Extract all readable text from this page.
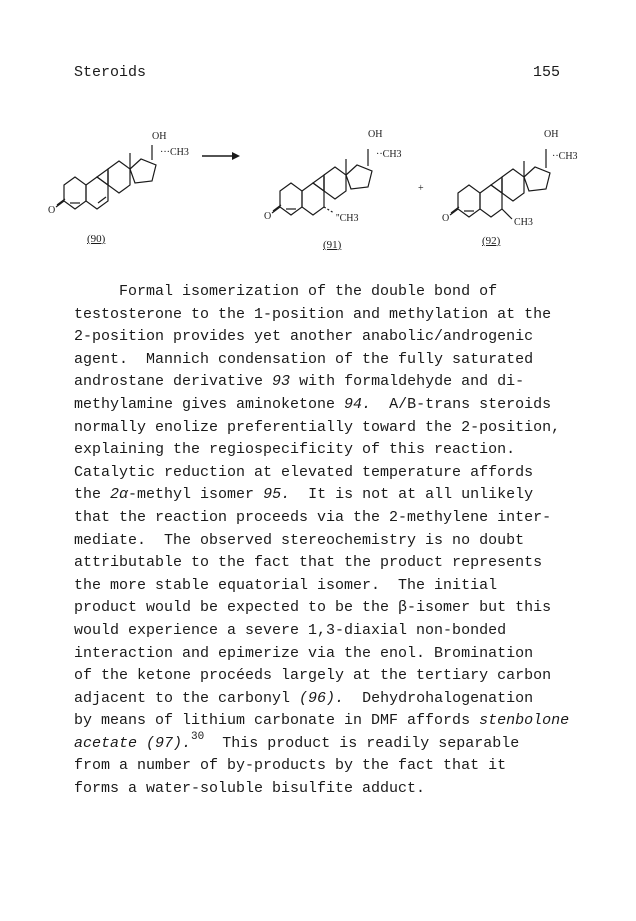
Steroids	155
OH
···CH3
O
OH
··CH3
''CH3
O
+
OH
··CH3
CH3
O
(90)	(91)	(92)

Formal isomerization of the double bond of

testosterone to the 1-position and methylation at the

2-position provides yet another anabolic/androgenic

agent.  Mannich condensation of the fully saturated

androstane derivative 93 with formaldehyde and di-

methylamine gives aminoketone 94.  A/B-trans steroids

normally enolize preferentially toward the 2-position,

explaining the regiospecificity of this reaction.

Catalytic reduction at elevated temperature affords

the 2α-methyl isomer 95.  It is not at all unlikely

that the reaction proceeds via the 2-methylene inter-

mediate.  The observed stereochemistry is no doubt

attributable to the fact that the product represents

the more stable equatorial isomer.  The initial

product would be expected to be the β-isomer but this

would experience a severe 1,3-diaxial non-bonded

interaction and epimerize via the enol. Bromination

of the ketone procéeds largely at the tertiary carbon

adjacent to the carbonyl (96).  Dehydrohalogenation

by means of lithium carbonate in DMF affords stenbolone

acetate (97).$^{30}$  This product is readily separable

from a number of by-products by the fact that it

forms a water-soluble bisulfite adduct.
